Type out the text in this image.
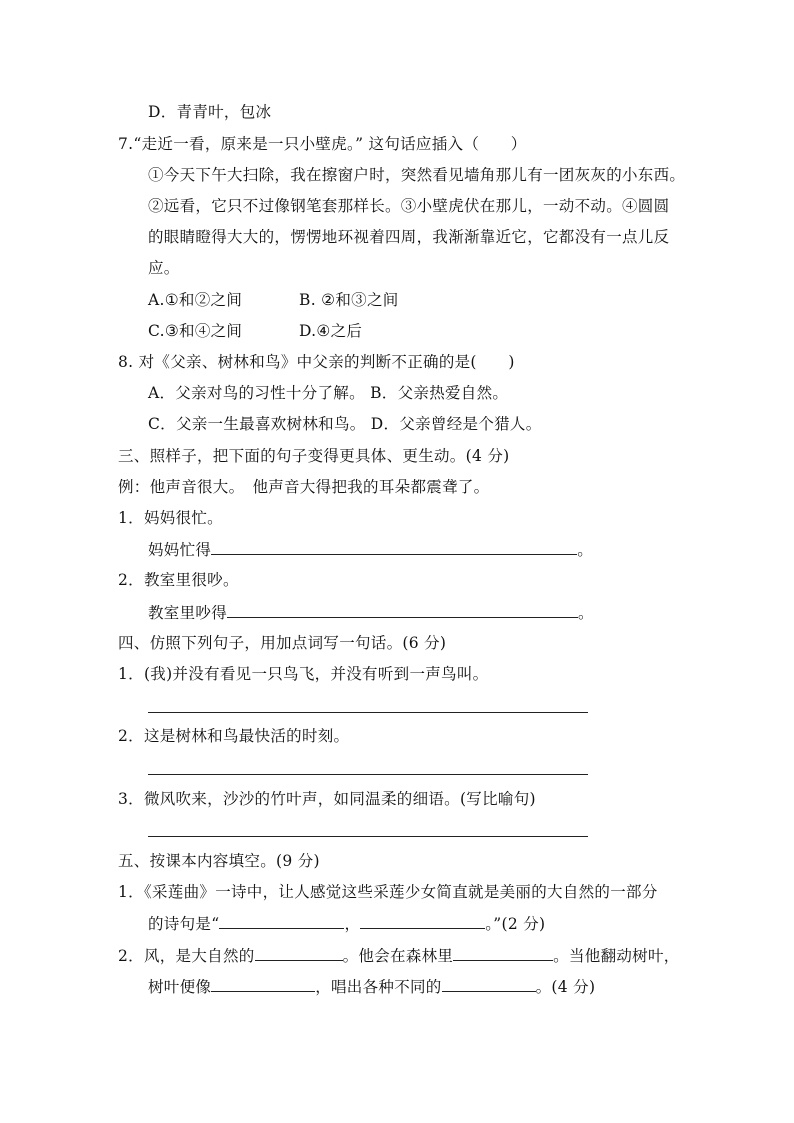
D．青青叶，包冰
7.“走近一看，原来是一只小壁虎。” 这句话应插入（　　）
①今天下午大扫除，我在擦窗户时，突然看见墙角那儿有一团灰灰的小东西。
②远看，它只不过像钢笔套那样长。③小壁虎伏在那儿，一动不动。④圆圆
的眼睛瞪得大大的，愣愣地环视着四周，我渐渐靠近它，它都没有一点儿反
应。
A.①和②之间	B. ②和③之间
C.③和④之间	D.④之后
8. 对《父亲、树林和鸟》中父亲的判断不正确的是(　　)
A．父亲对鸟的习性十分了解。 B．父亲热爱自然。
C．父亲一生最喜欢树林和鸟。 D．父亲曾经是个猎人。
三、照样子，把下面的句子变得更具体、更生动。(4 分)
例：他声音很大。　他声音大得把我的耳朵都震聋了。
1．妈妈很忙。
妈妈忙得	。
2．教室里很吵。
教室里吵得	。
四、仿照下列句子，用加点词写一句话。(6 分)
1．(我)并没有看见一只鸟飞，并没有听到一声鸟叫。
2．这是树林和鸟最快活的时刻。
3．微风吹来，沙沙的竹叶声，如同温柔的细语。(写比喻句)
五、按课本内容填空。(9 分)
1．《采莲曲》一诗中，让人感觉这些采莲少女简直就是美丽的大自然的一部分
的诗句是“	，	。”(2 分)
2．风，是大自然的	。他会在森林里	。当他翻动树叶，
树叶便像	，唱出各种不同的	。(4 分)
